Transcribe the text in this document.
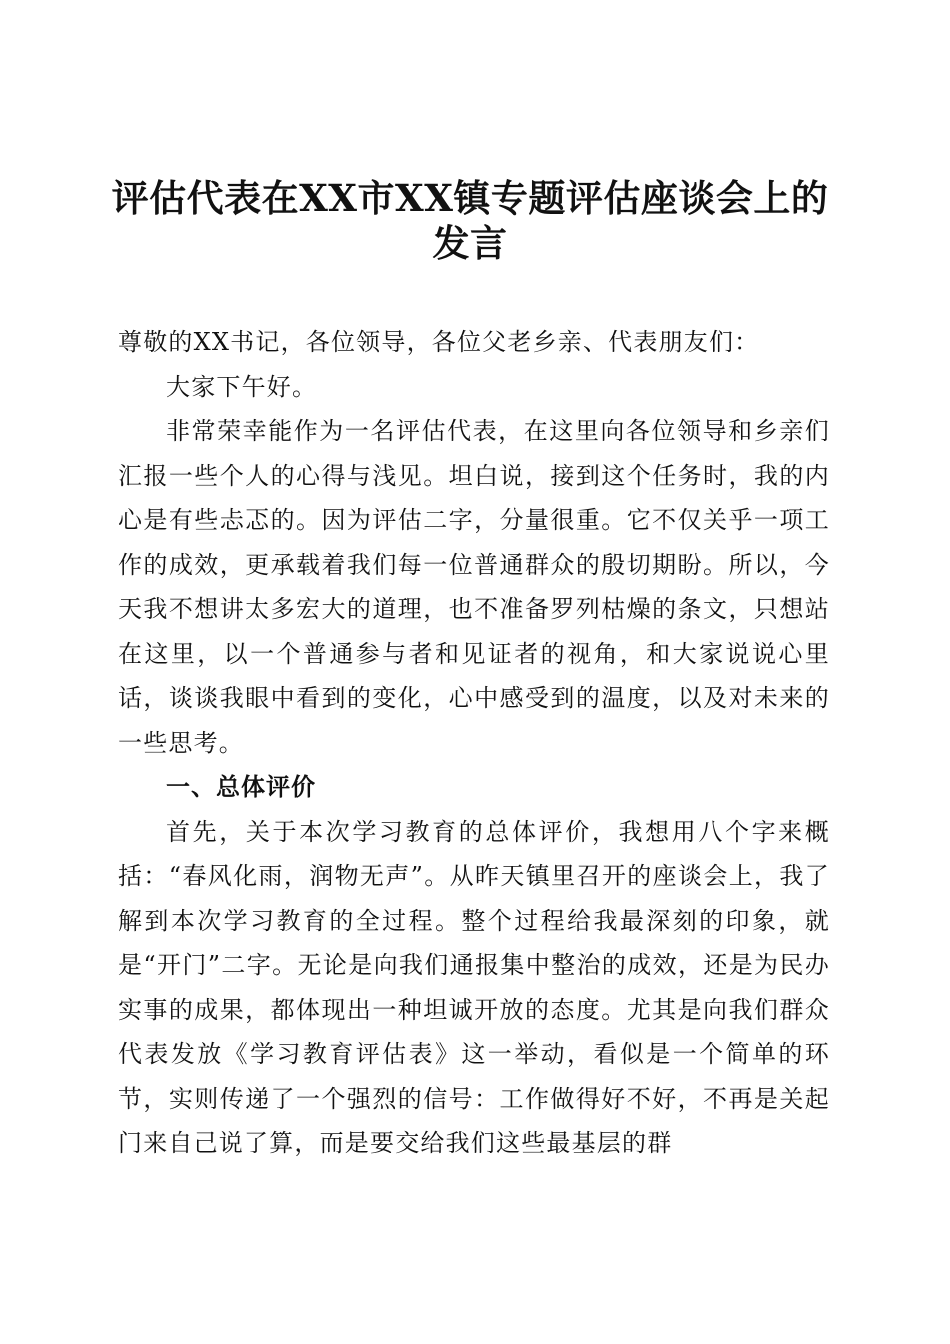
评估代表在XX市XX镇专题评估座谈会上的发言

尊敬的XX书记，各位领导，各位父老乡亲、代表朋友们：

大家下午好。

非常荣幸能作为一名评估代表，在这里向各位领导和乡亲们汇报一些个人的心得与浅见。坦白说，接到这个任务时，我的内心是有些忐忑的。因为评估二字，分量很重。它不仅关乎一项工作的成效，更承载着我们每一位普通群众的殷切期盼。所以，今天我不想讲太多宏大的道理，也不准备罗列枯燥的条文，只想站在这里，以一个普通参与者和见证者的视角，和大家说说心里话，谈谈我眼中看到的变化，心中感受到的温度，以及对未来的一些思考。

一、总体评价

首先，关于本次学习教育的总体评价，我想用八个字来概括：“春风化雨，润物无声”。从昨天镇里召开的座谈会上，我了解到本次学习教育的全过程。整个过程给我最深刻的印象，就是“开门”二字。无论是向我们通报集中整治的成效，还是为民办实事的成果，都体现出一种坦诚开放的态度。尤其是向我们群众代表发放《学习教育评估表》这一举动，看似是一个简单的环节，实则传递了一个强烈的信号：工作做得好不好，不再是关起门来自己说了算，而是要交给我们这些最基层的群
